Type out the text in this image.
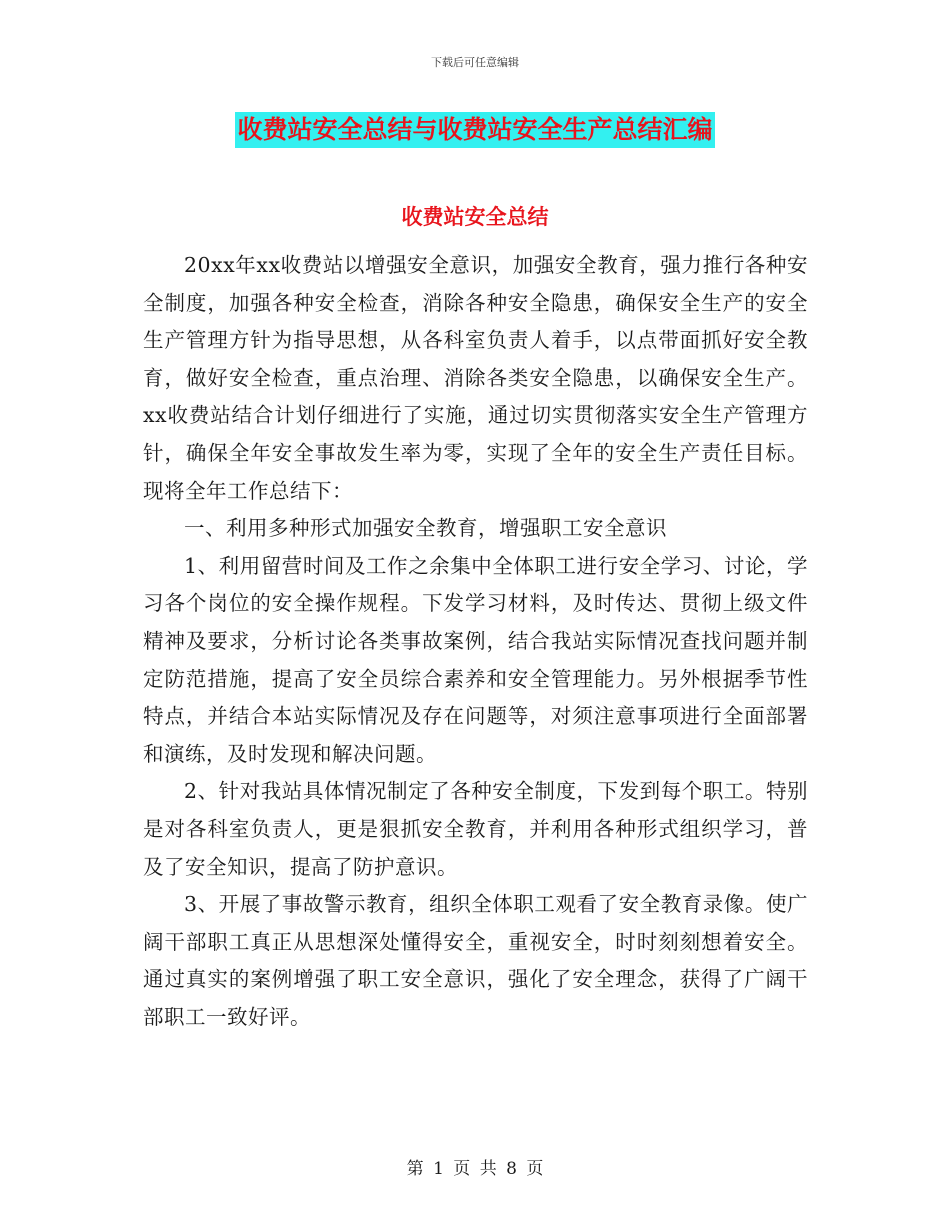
下载后可任意编辑
收费站安全总结与收费站安全生产总结汇编
收费站安全总结

20xx年xx收费站以增强安全意识，加强安全教育，强力推行各种安全制度，加强各种安全检查，消除各种安全隐患，确保安全生产的安全生产管理方针为指导思想，从各科室负责人着手，以点带面抓好安全教育，做好安全检查，重点治理、消除各类安全隐患，以确保安全生产。xx收费站结合计划仔细进行了实施，通过切实贯彻落实安全生产管理方针，确保全年安全事故发生率为零，实现了全年的安全生产责任目标。现将全年工作总结下：

一、利用多种形式加强安全教育，增强职工安全意识

1、利用留营时间及工作之余集中全体职工进行安全学习、讨论，学习各个岗位的安全操作规程。下发学习材料，及时传达、贯彻上级文件精神及要求，分析讨论各类事故案例，结合我站实际情况查找问题并制定防范措施，提高了安全员综合素养和安全管理能力。另外根据季节性特点，并结合本站实际情况及存在问题等，对须注意事项进行全面部署和演练，及时发现和解决问题。

2、针对我站具体情况制定了各种安全制度，下发到每个职工。特别是对各科室负责人，更是狠抓安全教育，并利用各种形式组织学习，普及了安全知识，提高了防护意识。

3、开展了事故警示教育，组织全体职工观看了安全教育录像。使广阔干部职工真正从思想深处懂得安全，重视安全，时时刻刻想着安全。通过真实的案例增强了职工安全意识，强化了安全理念，获得了广阔干部职工一致好评。

第 1 页 共 8 页
